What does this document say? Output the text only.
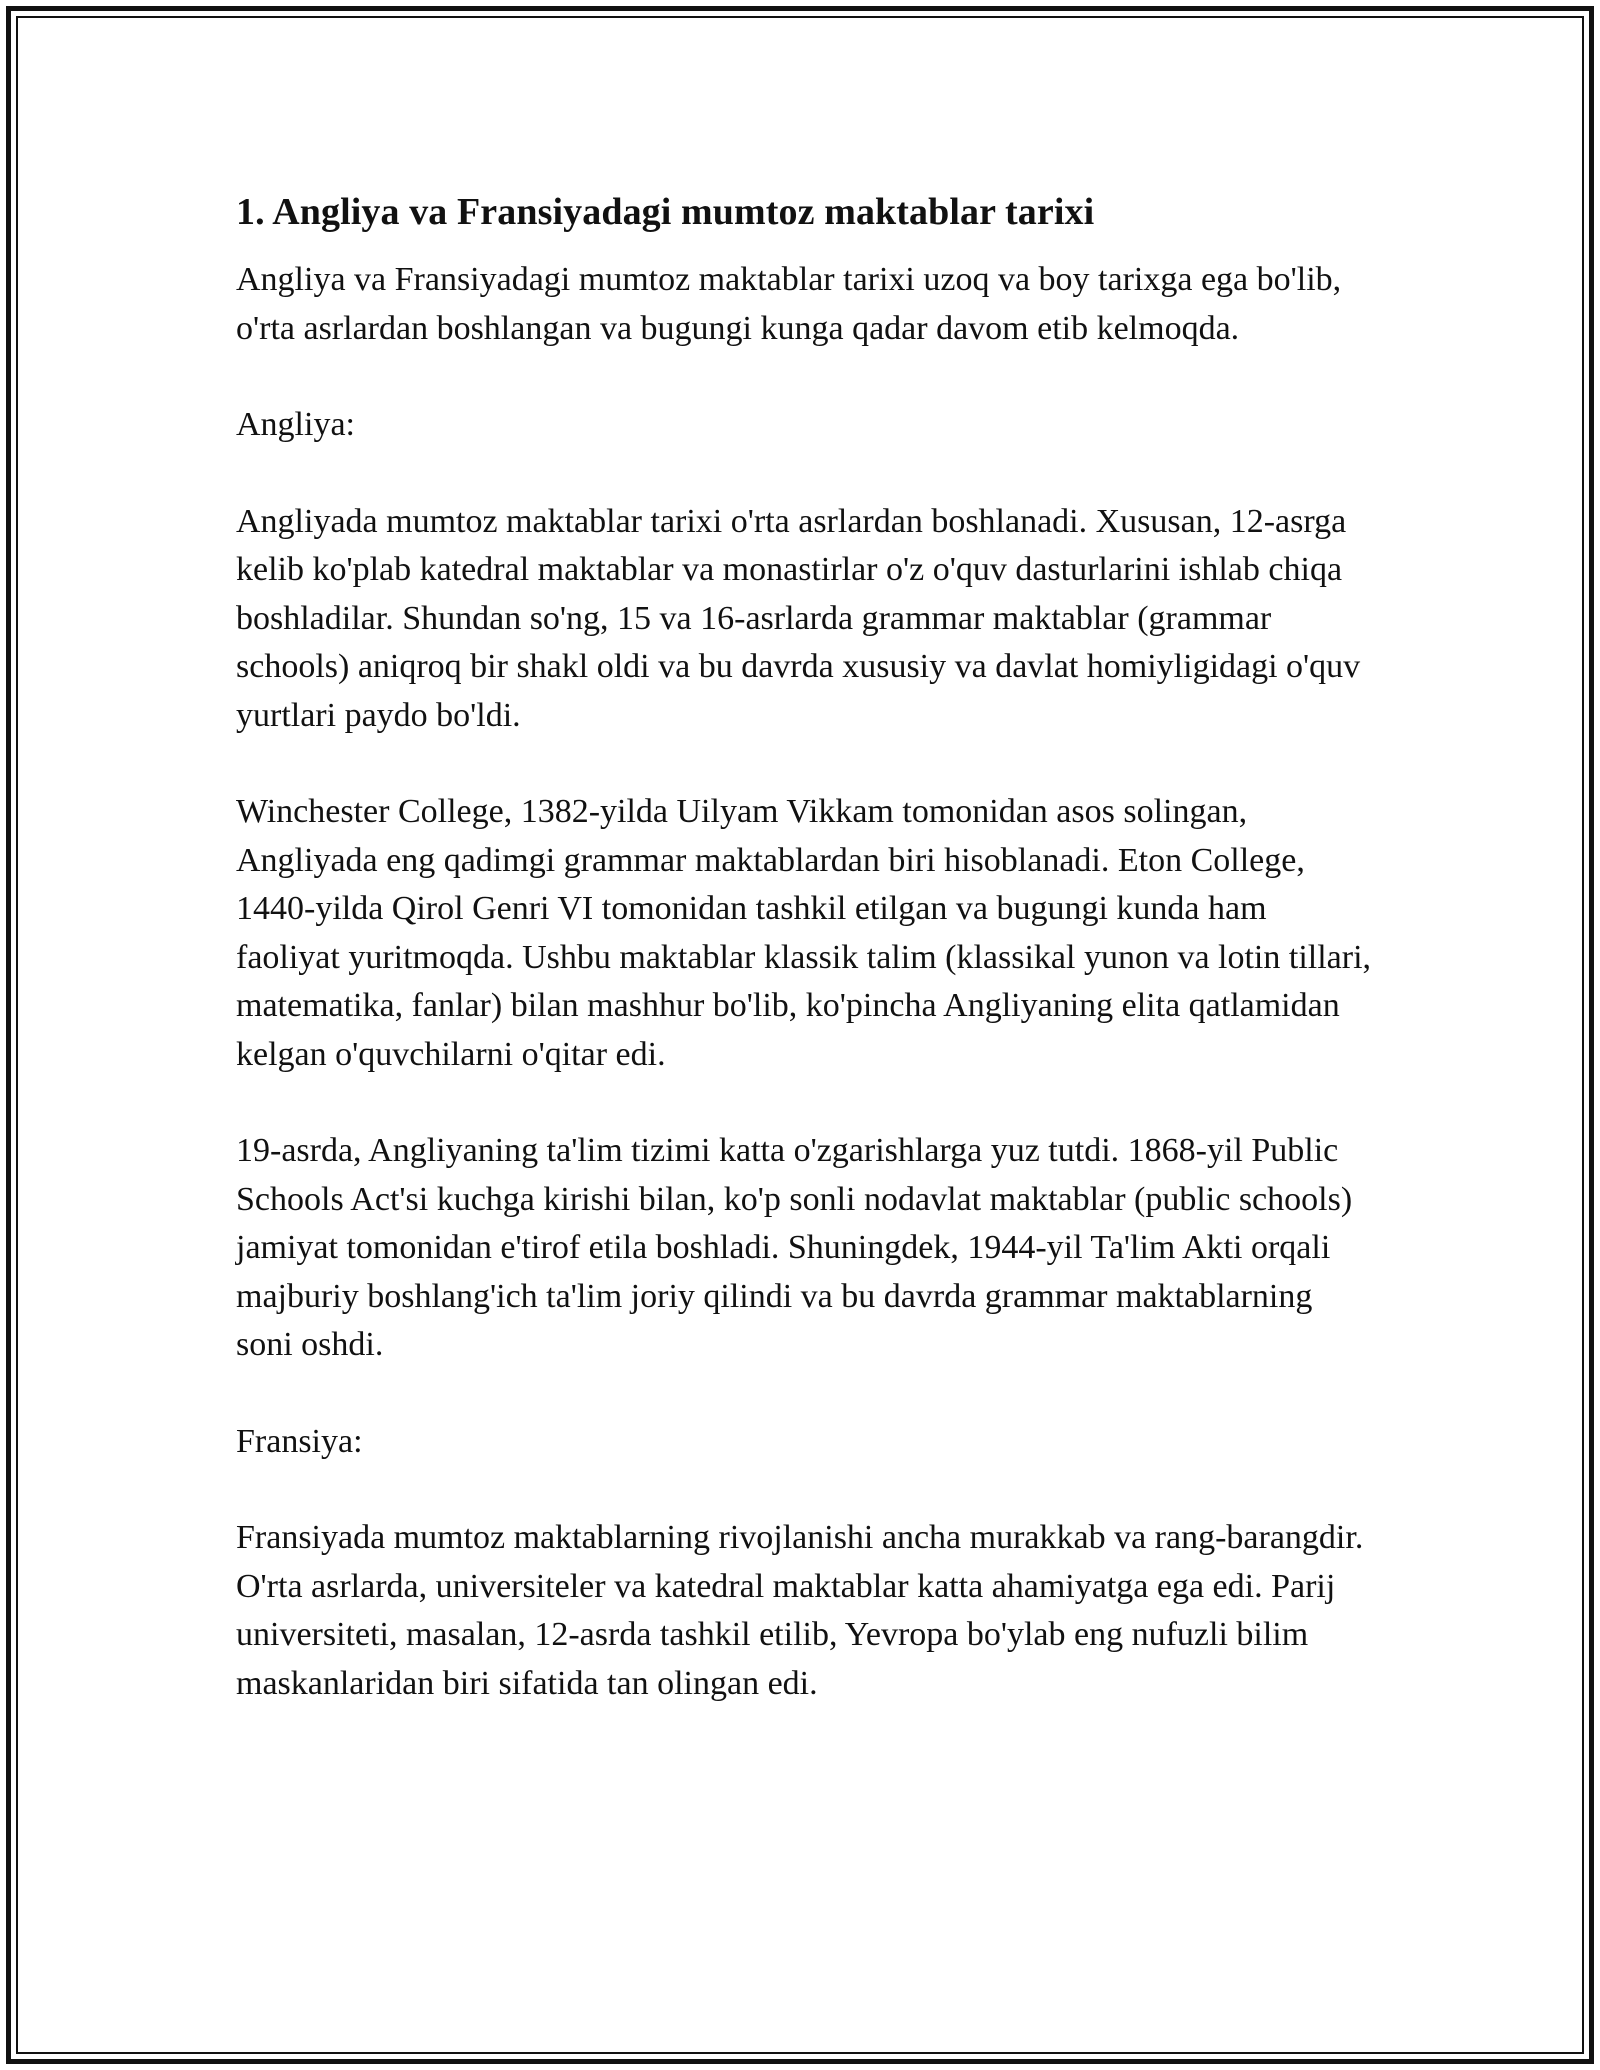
1. Angliya va Fransiyadagi mumtoz maktablar tarixi

Angliya va Fransiyadagi mumtoz maktablar tarixi uzoq va boy tarixga ega bo'lib, o'rta asrlardan boshlangan va bugungi kunga qadar davom etib kelmoqda.

Angliya:

Angliyada mumtoz maktablar tarixi o'rta asrlardan boshlanadi. Xususan, 12-asrga kelib ko'plab katedral maktablar va monastirlar o'z o'quv dasturlarini ishlab chiqa boshladilar. Shundan so'ng, 15 va 16-asrlarda grammar maktablar (grammar schools) aniqroq bir shakl oldi va bu davrda xususiy va davlat homiyligidagi o'quv yurtlari paydo bo'ldi.

Winchester College, 1382-yilda Uilyam Vikkam tomonidan asos solingan, Angliyada eng qadimgi grammar maktablardan biri hisoblanadi. Eton College, 1440-yilda Qirol Genri VI tomonidan tashkil etilgan va bugungi kunda ham faoliyat yuritmoqda. Ushbu maktablar klassik talim (klassikal yunon va lotin tillari, matematika, fanlar) bilan mashhur bo'lib, ko'pincha Angliyaning elita qatlamidan kelgan o'quvchilarni o'qitar edi.

19-asrda, Angliyaning ta'lim tizimi katta o'zgarishlarga yuz tutdi. 1868-yil Public Schools Act'si kuchga kirishi bilan, ko'p sonli nodavlat maktablar (public schools) jamiyat tomonidan e'tirof etila boshladi. Shuningdek, 1944-yil Ta'lim Akti orqali majburiy boshlang'ich ta'lim joriy qilindi va bu davrda grammar maktablarning soni oshdi.

Fransiya:

Fransiyada mumtoz maktablarning rivojlanishi ancha murakkab va rang-barangdir. O'rta asrlarda, universiteler va katedral maktablar katta ahamiyatga ega edi. Parij universiteti, masalan, 12-asrda tashkil etilib, Yevropa bo'ylab eng nufuzli bilim maskanlaridan biri sifatida tan olingan edi.
